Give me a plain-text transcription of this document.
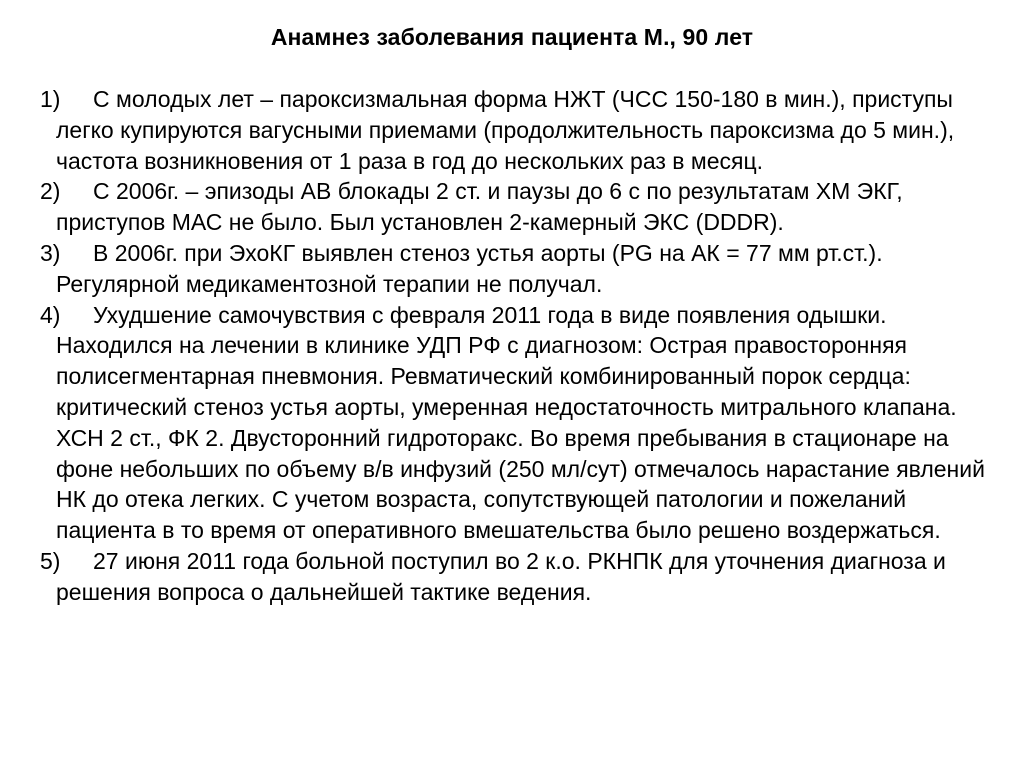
Анамнез заболевания пациента М., 90 лет
1) С молодых лет – пароксизмальная форма НЖТ (ЧСС 150-180 в мин.), приступы легко купируются вагусными приемами (продолжительность пароксизма до 5 мин.), частота возникновения от 1 раза в год до нескольких раз в месяц.
2) С 2006г. – эпизоды АВ блокады 2 ст. и паузы до 6 с по результатам ХМ ЭКГ, приступов МАС не было. Был установлен 2-камерный ЭКС (DDDR).
3) В 2006г. при ЭхоКГ выявлен стеноз устья аорты (PG на АК = 77 мм рт.ст.). Регулярной медикаментозной терапии не получал.
4) Ухудшение самочувствия с февраля 2011 года в виде появления одышки. Находился на лечении в клинике УДП РФ с диагнозом: Острая правосторонняя полисегментарная пневмония. Ревматический комбинированный порок сердца: критический стеноз устья аорты, умеренная недостаточность митрального клапана. ХСН 2 ст., ФК 2. Двусторонний гидроторакс. Во время пребывания в стационаре на фоне небольших по объему в/в инфузий (250 мл/сут) отмечалось нарастание явлений НК до отека легких. С учетом возраста, сопутствующей патологии и пожеланий пациента в то время от оперативного вмешательства было решено воздержаться.
5) 27 июня 2011 года больной поступил во 2 к.о. РКНПК для уточнения диагноза и решения вопроса о дальнейшей тактике ведения.
